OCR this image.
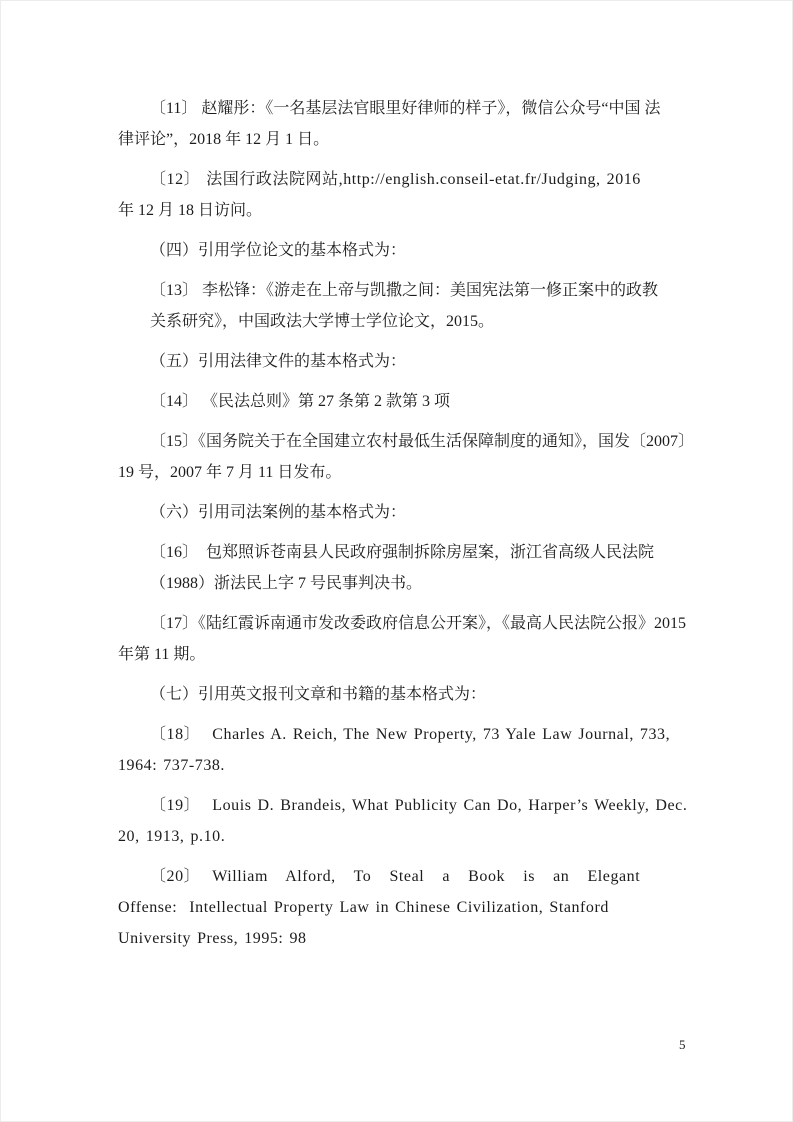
〔11〕 赵耀彤：《一名基层法官眼里好律师的样子》，微信公众号“中国 法
律评论”，2018 年 12 月 1 日。

〔12〕 法国行政法院网站,http://english.conseil-etat.fr/Judging, 2016
年 12 月 18 日访问。

（四）引用学位论文的基本格式为：

〔13〕 李松锋：《游走在上帝与凯撒之间：美国宪法第一修正案中的政教
关系研究》，中国政法大学博士学位论文，2015。

（五）引用法律文件的基本格式为：

〔14〕 《民法总则》第 27 条第 2 款第 3 项

〔15〕《国务院关于在全国建立农村最低生活保障制度的通知》，国发〔2007〕
19 号，2007 年 7 月 11 日发布。

（六）引用司法案例的基本格式为：

〔16〕  包郑照诉苍南县人民政府强制拆除房屋案，浙江省高级人民法院
（1988）浙法民上字 7 号民事判决书。

〔17〕《陆红霞诉南通市发改委政府信息公开案》，《最高人民法院公报》2015
年第 11 期。

（七）引用英文报刊文章和书籍的基本格式为：

〔18〕  Charles A. Reich, The New Property, 73 Yale Law Journal, 733,
1964: 737-738.

〔19〕  Louis D. Brandeis, What Publicity Can Do, Harper’s Weekly, Dec.
20, 1913, p.10.

〔20〕  William   Alford,   To   Steal   a   Book   is   an   Elegant
Offense:  Intellectual Property Law in Chinese Civilization, Stanford
University Press, 1995: 98

5
